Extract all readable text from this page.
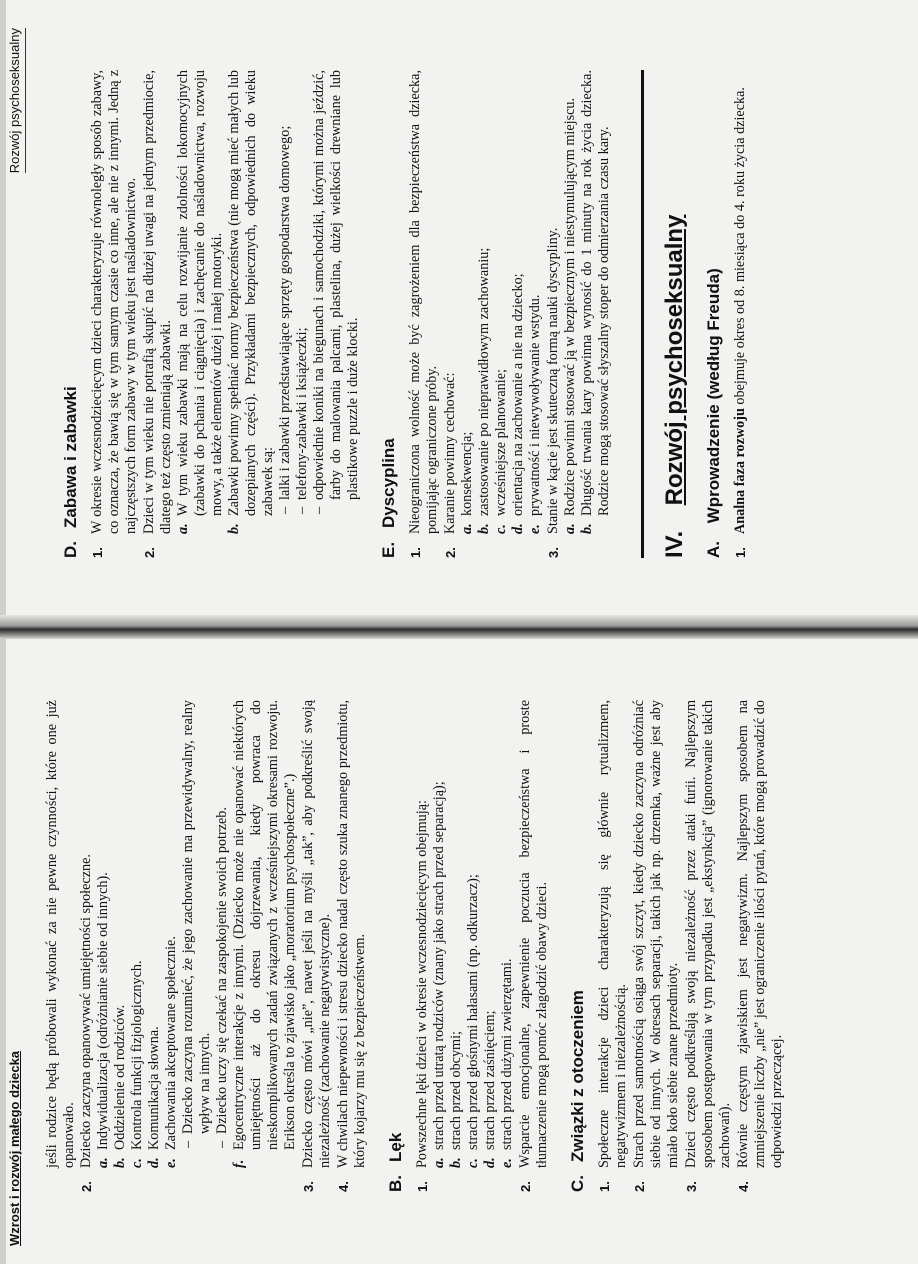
Rozwój psychoseksualny
D.Zabawa i zabawki
1.
W okresie wczesnodziecięcym dzieci charakteryzuje równoległy sposób zabawy, co oznacza, że bawią się w tym samym czasie co inne, ale nie z innymi. Jedną z najczęstszych form zabawy w tym wieku jest naśladownictwo.
2.
Dzieci w tym wieku nie potrafią skupić na dłużej uwagi na jednym przedmiocie, dlatego też często zmieniają zabawki. a.
W tym wieku zabawki mają na celu rozwijanie zdolności lokomocyjnych (zabawki do pchania i ciągnięcia) i zachęcanie do naśladownictwa, rozwoju mowy, a także elementów dużej i małej motoryki.
b.
Zabawki powinny spełniać normy bezpieczeństwa (nie mogą mieć małych lub dozepianych części). Przykładami bezpiecznych, odpowiednich do wieku zabawek są: – lalki i zabawki przedstawiające sprzęty gospodarstwa domowego; – telefony-zabawki i książeczki; – odpowiednie koniki na biegunach i samochodziki, którymi można jeździć, farby do malowania palcami, plastelina, dużej wielkości drewniane lub plastikowe puzzle i duże klocki.
E.Dyscyplina
1.
Nieograniczona wolność może być zagrożeniem dla bezpieczeństwa dziecka, pomijając ograniczone próby.
2.
Karanie powinny cechować: a.
konsekwencja;
b.
zastosowanie po nieprawidłowym zachowaniu;
c.
wcześniejsze planowanie;
d.
orientacja na zachowanie a nie na dziecko;
e.
prywatność i niewywoływanie wstydu.
3.
Stanie w kącie jest skuteczną formą nauki dyscypliny. a.
Rodzice powinni stosować ją w bezpiecznym i niestymulującym miejscu.
b.
Długość trwania kary powinna wynosić do 1 minuty na rok życia dziecka. Rodzice mogą stosować słyszalny stoper do odmierzania czasu kary.
IV. Rozwój psychoseksualny
A. Wprowadzenie (według Freuda)
1.
Analna faza rozwoju obejmuje okres od 8. miesiąca do 4. roku życia dziecka.
Wzrost i rozwój małego dziecka jeśli rodzice będą próbowali wykonać za nie pewne czynności, które one już opanowało.
2.
Dziecko zaczyna opanowywać umiejętności społeczne. a.
Indywidualizacja (odróżnianie siebie od innych).
b.
Oddzielenie od rodziców.
c.
Kontrola funkcji fizjologicznych.
d.
Komunikacja słowna.
e.
Zachowania akceptowane społecznie. – Dziecko zaczyna rozumieć, że jego zachowanie ma przewidywalny, realny wpływ na innych. – Dziecko uczy się czekać na zaspokojenie swoich potrzeb.
f.
Egocentryczne interakcje z innymi. (Dziecko może nie opanować niektórych umiejętności aż do okresu dojrzewania, kiedy powraca do nieskomplikowanych zadań związanych z wcześniejszymi okresami rozwoju. Erikson określa to zjawisko jako „moratorium psychospołeczne”.)
3.
Dziecko często mówi „nie”, nawet jeśli na myśli „tak”, aby podkreślić swoją niezależność (zachowanie negatywistyczne).
4.
W chwilach niepewności i stresu dziecko nadal często szuka znanego przedmiotu, który kojarzy mu się z bezpieczeństwem.
B.Lęk
1.
Powszechne lęki dzieci w okresie wczesnodziecięcym obejmują: a.
strach przed utratą rodziców (znany jako strach przed separacją);
b.
strach przed obcymi;
c.
strach przed głośnymi hałasami (np. odkurzacz);
d.
strach przed zaśnięciem;
e.
strach przed dużymi zwierzętami.
2.
Wsparcie emocjonalne, zapewnienie poczucia bezpieczeństwa i proste tłumaczenie mogą pomóc złagodzić obawy dzieci.
C.Związki z otoczeniem
1.
Społeczne interakcje dzieci charakteryzują się głównie rytualizmem, negatywizmem i niezależnością.
2.
Strach przed samotnością osiąga swój szczyt, kiedy dziecko zaczyna odróżniać siebie od innych. W okresach separacji, takich jak np. drzemka, ważne jest aby miało koło siebie znane przedmioty.
3.
Dzieci często podkreślają swoją niezależność przez ataki furii. Najlepszym sposobem postępowania w tym przypadku jest „ekstynkcja” (ignorowanie takich zachowań).
4.
Równie częstym zjawiskiem jest negatywizm. Najlepszym sposobem na zmniejszenie liczby „nie” jest ograniczenie ilości pytań, które mogą prowadzić do odpowiedzi przeczącej.
